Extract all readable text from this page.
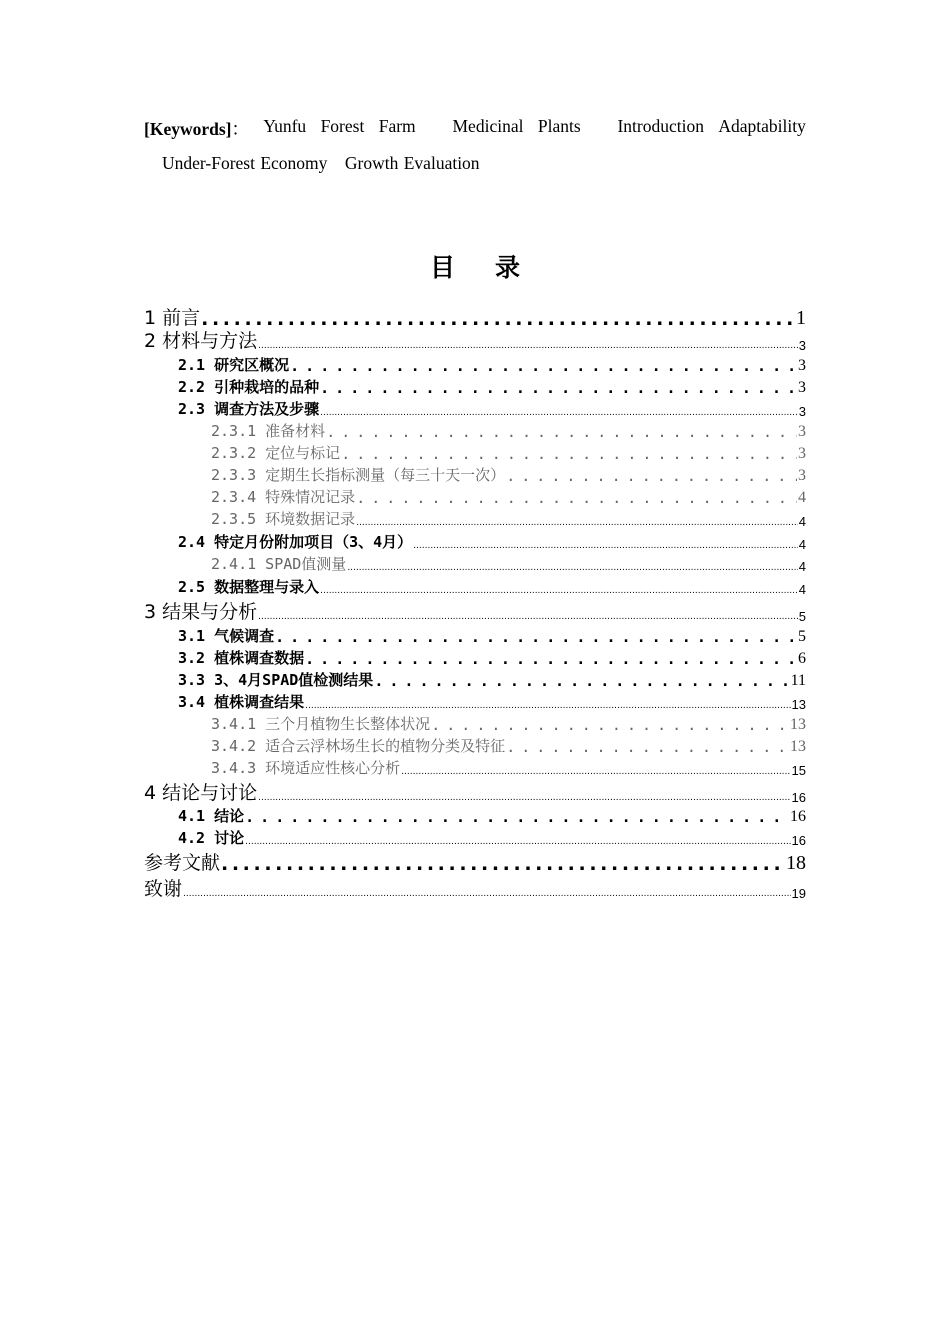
[Keywords]： Yunfu Forest Farm Medicinal Plants Introduction Adaptability
Under-Forest Economy　Growth Evaluation
目录
1 前言 . . .	1
2 材料与方法 .....	3
2.1 研究区概况 . . .	3
2.2 引种栽培的品种 . . .	3
2.3 调查方法及步骤 .....	3
2.3.1 准备材料 . . .	3
2.3.2 定位与标记 . . .	3
2.3.3 定期生长指标测量（每三十天一次） . . .	3
2.3.4 特殊情况记录 . . .	4
2.3.5 环境数据记录 .....	4
2.4 特定月份附加项目（3、4月） .....	4
2.4.1 SPAD值测量 .....	4
2.5 数据整理与录入 .....	4
3 结果与分析 .....	5
3.1 气候调查 . . .	5
3.2 植株调查数据 . . .	6
3.3 3、4月SPAD值检测结果 . . .	11
3.4 植株调查结果 .....	13
3.4.1 三个月植物生长整体状况 . . .	13
3.4.2 适合云浮林场生长的植物分类及特征 . . .	13
3.4.3 环境适应性核心分析 .....	15
4 结论与讨论 .....	16
4.1 结论 . . .	16
4.2 讨论 .....	16
参考文献 . . .	18
致谢 .....	19
